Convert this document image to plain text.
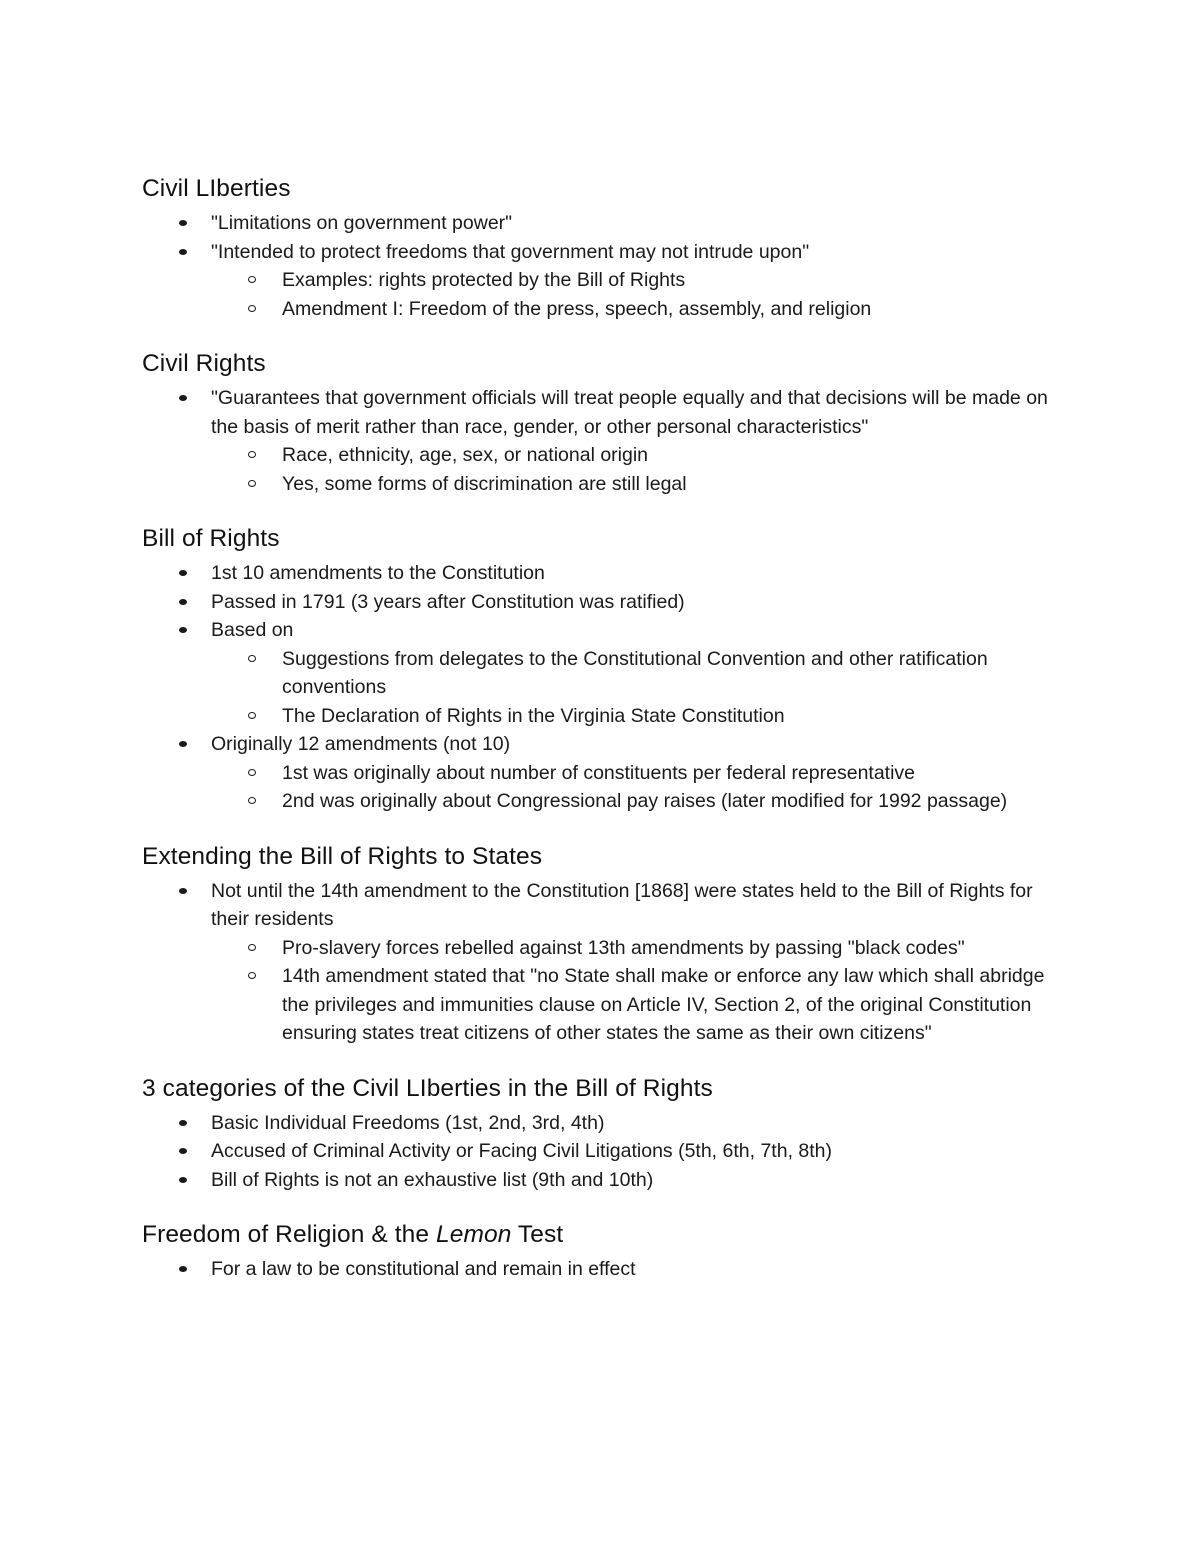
Civil LIberties
"Limitations on government power"
"Intended to protect freedoms that government may not intrude upon"
Examples: rights protected by the Bill of Rights
Amendment I: Freedom of the press, speech, assembly, and religion
Civil Rights
"Guarantees that government officials will treat people equally and that decisions will be made on the basis of merit rather than race, gender, or other personal characteristics"
Race, ethnicity, age, sex, or national origin
Yes, some forms of discrimination are still legal
Bill of Rights
1st 10 amendments to the Constitution
Passed in 1791 (3 years after Constitution was ratified)
Based on
Suggestions from delegates to the Constitutional Convention and other ratification conventions
The Declaration of Rights in the Virginia State Constitution
Originally 12 amendments (not 10)
1st was originally about number of constituents per federal representative
2nd was originally about Congressional pay raises (later modified for 1992 passage)
Extending the Bill of Rights to States
Not until the 14th amendment to the Constitution [1868] were states held to the Bill of Rights for their residents
Pro-slavery forces rebelled against 13th amendments by passing "black codes"
14th amendment stated that "no State shall make or enforce any law which shall abridge the privileges and immunities clause on Article IV, Section 2, of the original Constitution ensuring states treat citizens of other states the same as their own citizens"
3 categories of the Civil LIberties in the Bill of Rights
Basic Individual Freedoms (1st, 2nd, 3rd, 4th)
Accused of Criminal Activity or Facing Civil Litigations (5th, 6th, 7th, 8th)
Bill of Rights is not an exhaustive list (9th and 10th)
Freedom of Religion & the Lemon Test
For a law to be constitutional and remain in effect
